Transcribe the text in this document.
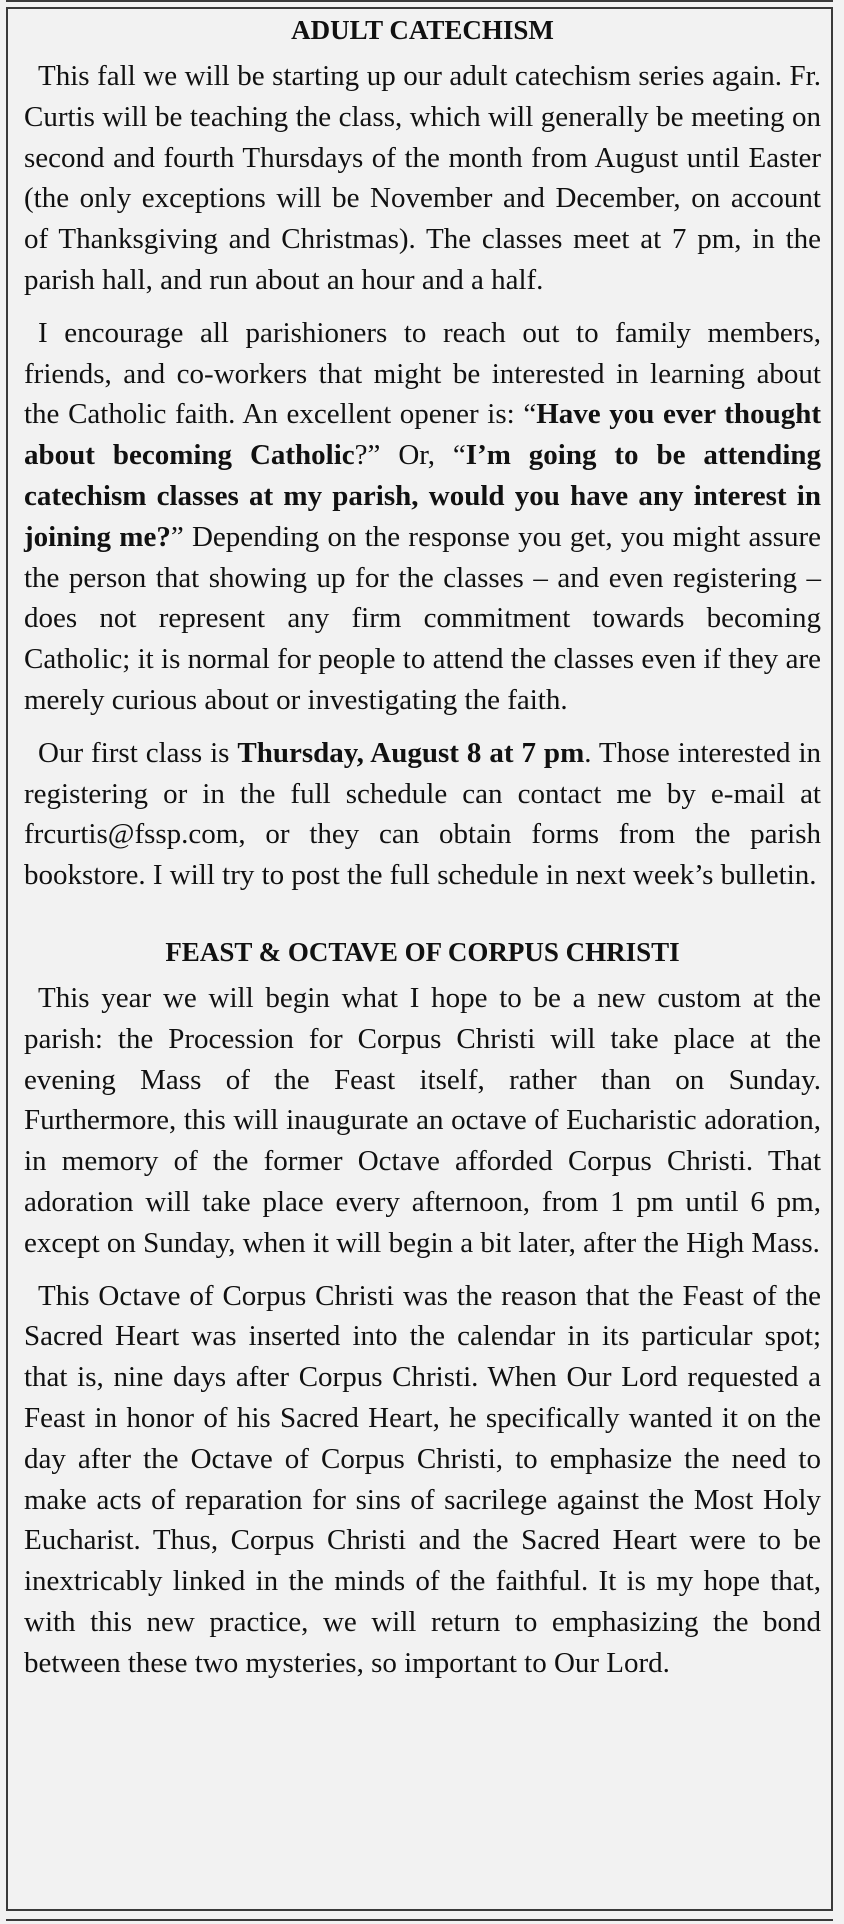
ADULT CATECHISM

This fall we will be starting up our adult catechism series again. Fr. Curtis will be teaching the class, which will generally be meeting on second and fourth Thursdays of the month from August until Easter (the only exceptions will be November and December, on account of Thanksgiving and Christmas). The classes meet at 7 pm, in the parish hall, and run about an hour and a half.

I encourage all parishioners to reach out to family members, friends, and co-workers that might be interested in learning about the Catholic faith. An excellent opener is: “Have you ever thought about becoming Catholic?” Or, “I’m going to be attending catechism classes at my parish, would you have any interest in joining me?” Depending on the response you get, you might assure the person that showing up for the classes – and even registering – does not represent any firm commitment towards becoming Catholic; it is normal for people to attend the classes even if they are merely curious about or investigating the faith.

Our first class is Thursday, August 8 at 7 pm. Those interested in registering or in the full schedule can contact me by e-mail at frcurtis@fssp.com, or they can obtain forms from the parish bookstore. I will try to post the full schedule in next week’s bulletin.

FEAST & OCTAVE OF CORPUS CHRISTI

This year we will begin what I hope to be a new custom at the parish: the Procession for Corpus Christi will take place at the evening Mass of the Feast itself, rather than on Sunday. Furthermore, this will inaugurate an octave of Eucharistic adoration, in memory of the former Octave afforded Corpus Christi. That adoration will take place every afternoon, from 1 pm until 6 pm, except on Sunday, when it will begin a bit later, after the High Mass.

This Octave of Corpus Christi was the reason that the Feast of the Sacred Heart was inserted into the calendar in its particular spot; that is, nine days after Corpus Christi. When Our Lord requested a Feast in honor of his Sacred Heart, he specifically wanted it on the day after the Octave of Corpus Christi, to emphasize the need to make acts of reparation for sins of sacrilege against the Most Holy Eucharist. Thus, Corpus Christi and the Sacred Heart were to be inextricably linked in the minds of the faithful. It is my hope that, with this new practice, we will return to emphasizing the bond between these two mysteries, so important to Our Lord.
